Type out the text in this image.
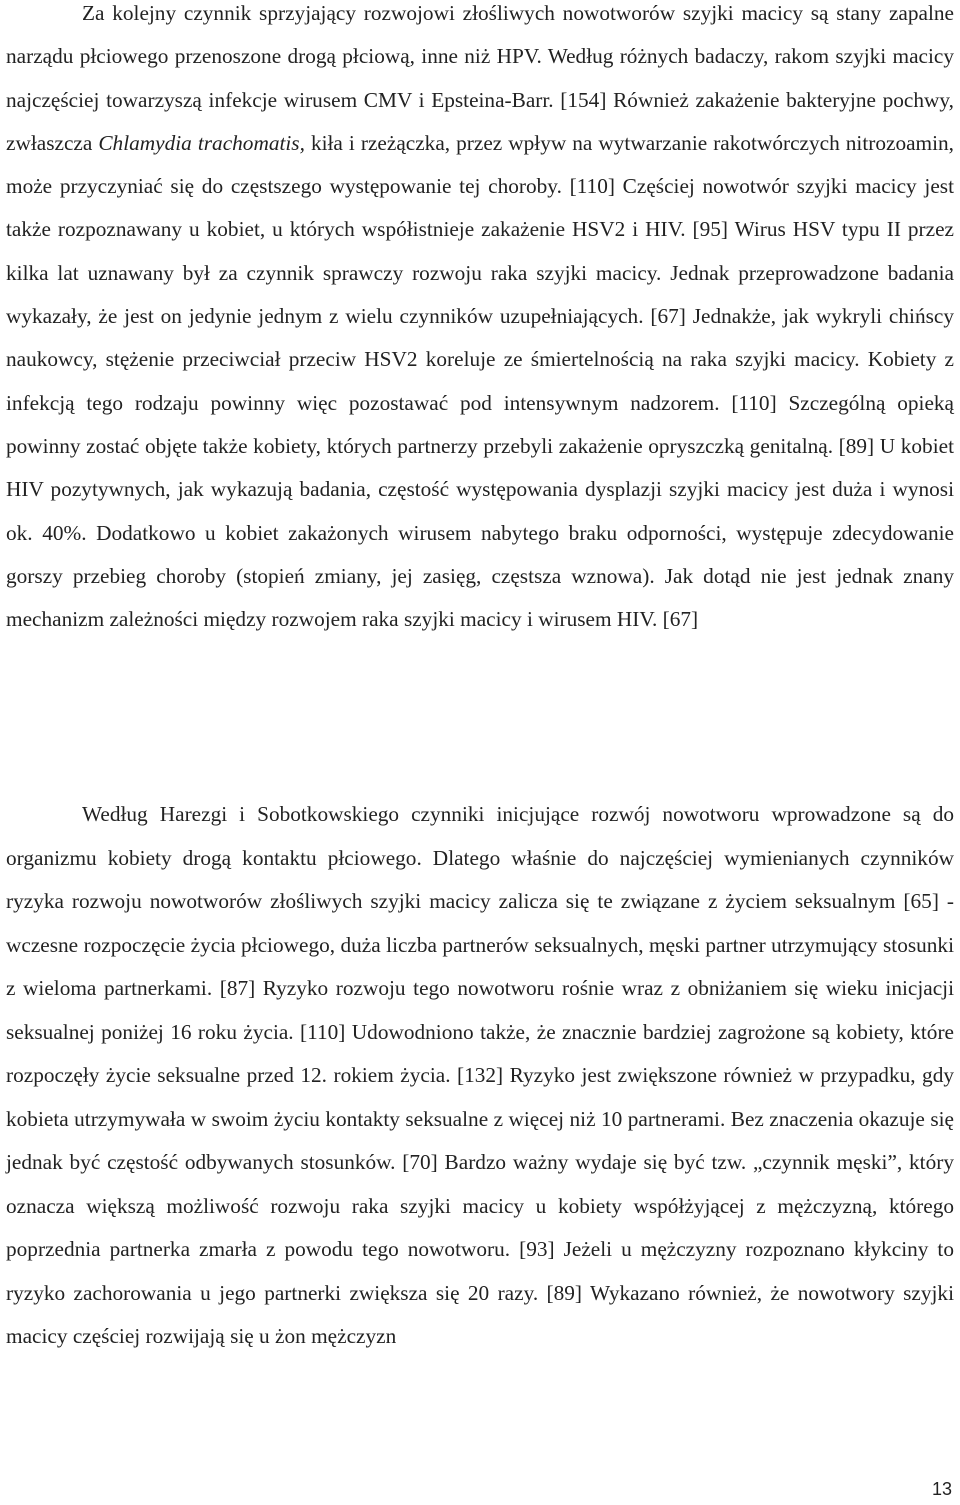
Za kolejny czynnik sprzyjający rozwojowi złośliwych nowotworów szyjki macicy są stany zapalne narządu płciowego przenoszone drogą płciową, inne niż HPV. Według różnych badaczy, rakom szyjki macicy najczęściej towarzyszą infekcje wirusem CMV i Epsteina-Barr. [154] Również zakażenie bakteryjne pochwy, zwłaszcza Chlamydia trachomatis, kiła i rzeżączka, przez wpływ na wytwarzanie rakotwórczych nitrozoamin, może przyczyniać się do częstszego występowanie tej choroby. [110] Częściej nowotwór szyjki macicy jest także rozpoznawany u kobiet, u których współistnieje zakażenie HSV2 i HIV. [95] Wirus HSV typu II przez kilka lat uznawany był za czynnik sprawczy rozwoju raka szyjki macicy. Jednak przeprowadzone badania wykazały, że jest on jedynie jednym z wielu czynników uzupełniających. [67] Jednakże, jak wykryli chińscy naukowcy, stężenie przeciwciał przeciw HSV2 koreluje ze śmiertelnością na raka szyjki macicy. Kobiety z infekcją tego rodzaju powinny więc pozostawać pod intensywnym nadzorem. [110] Szczególną opieką powinny zostać objęte także kobiety, których partnerzy przebyli zakażenie opryszczką genitalną. [89] U kobiet HIV pozytywnych, jak wykazują badania, częstość występowania dysplazji szyjki macicy jest duża i wynosi ok. 40%. Dodatkowo u kobiet zakażonych wirusem nabytego braku odporności, występuje zdecydowanie gorszy przebieg choroby (stopień zmiany, jej zasięg, częstsza wznowa). Jak dotąd nie jest jednak znany mechanizm zależności między rozwojem raka szyjki macicy i wirusem HIV. [67]

Według Harezgi i Sobotkowskiego czynniki inicjujące rozwój nowotworu wprowadzone są do organizmu kobiety drogą kontaktu płciowego. Dlatego właśnie do najczęściej wymienianych czynników ryzyka rozwoju nowotworów złośliwych szyjki macicy zalicza się te związane z życiem seksualnym [65] - wczesne rozpoczęcie życia płciowego, duża liczba partnerów seksualnych, męski partner utrzymujący stosunki z wieloma partnerkami. [87] Ryzyko rozwoju tego nowotworu rośnie wraz z obniżaniem się wieku inicjacji seksualnej poniżej 16 roku życia. [110] Udowodniono także, że znacznie bardziej zagrożone są kobiety, które rozpoczęły życie seksualne przed 12. rokiem życia. [132] Ryzyko jest zwiększone również w przypadku, gdy kobieta utrzymywała w swoim życiu kontakty seksualne z więcej niż 10 partnerami. Bez znaczenia okazuje się jednak być częstość odbywanych stosunków. [70] Bardzo ważny wydaje się być tzw. „czynnik męski”, który oznacza większą możliwość rozwoju raka szyjki macicy u kobiety współżyjącej z mężczyzną, którego poprzednia partnerka zmarła z powodu tego nowotworu. [93] Jeżeli u mężczyzny rozpoznano kłykciny to ryzyko zachorowania u jego partnerki zwiększa się 20 razy. [89] Wykazano również, że nowotwory szyjki macicy częściej rozwijają się u żon mężczyzn

13
